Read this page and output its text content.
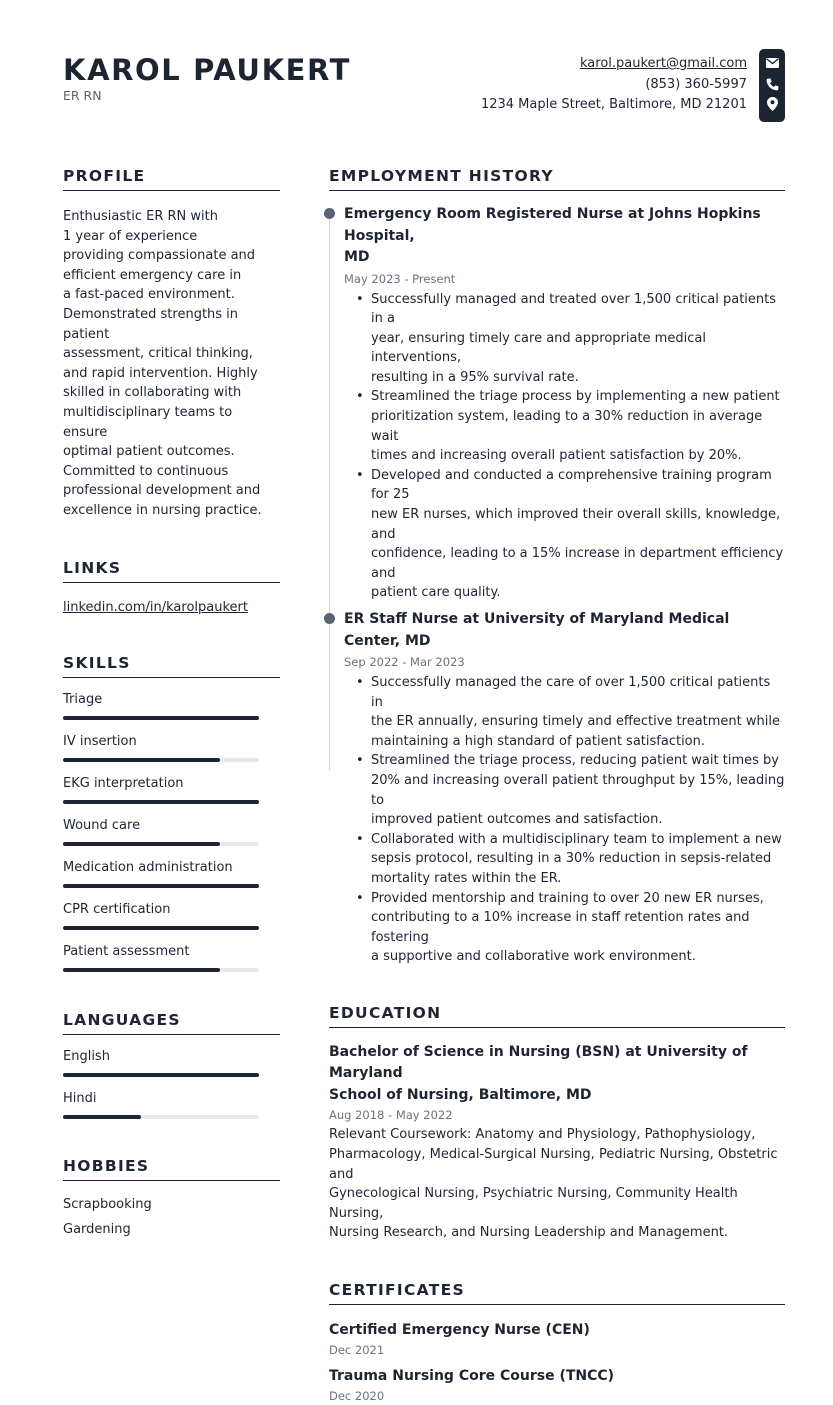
KAROL PAUKERT
ER RN
karol.paukert@gmail.com
(853) 360-5997
1234 Maple Street, Baltimore, MD 21201
PROFILE
Enthusiastic ER RN with
1 year of experience
providing compassionate and
efficient emergency care in
a fast-paced environment.
Demonstrated strengths in patient
assessment, critical thinking,
and rapid intervention. Highly
skilled in collaborating with
multidisciplinary teams to ensure
optimal patient outcomes.
Committed to continuous
professional development and
excellence in nursing practice.
LINKS
linkedin.com/in/karolpaukert
SKILLS
Triage
IV insertion
EKG interpretation
Wound care
Medication administration
CPR certification
Patient assessment
LANGUAGES
English
Hindi
HOBBIES
Scrapbooking
Gardening
EMPLOYMENT HISTORY
Emergency Room Registered Nurse at Johns Hopkins Hospital,
MD
May 2023 - Present
• Successfully managed and treated over 1,500 critical patients in a
year, ensuring timely care and appropriate medical interventions,
resulting in a 95% survival rate.
• Streamlined the triage process by implementing a new patient
prioritization system, leading to a 30% reduction in average wait
times and increasing overall patient satisfaction by 20%.
• Developed and conducted a comprehensive training program for 25
new ER nurses, which improved their overall skills, knowledge, and
confidence, leading to a 15% increase in department efficiency and
patient care quality.
ER Staff Nurse at University of Maryland Medical Center, MD
Sep 2022 - Mar 2023
• Successfully managed the care of over 1,500 critical patients in
the ER annually, ensuring timely and effective treatment while
maintaining a high standard of patient satisfaction.
• Streamlined the triage process, reducing patient wait times by
20% and increasing overall patient throughput by 15%, leading to
improved patient outcomes and satisfaction.
• Collaborated with a multidisciplinary team to implement a new
sepsis protocol, resulting in a 30% reduction in sepsis-related
mortality rates within the ER.
• Provided mentorship and training to over 20 new ER nurses,
contributing to a 10% increase in staff retention rates and fostering
a supportive and collaborative work environment.
EDUCATION
Bachelor of Science in Nursing (BSN) at University of Maryland
School of Nursing, Baltimore, MD
Aug 2018 - May 2022
Relevant Coursework: Anatomy and Physiology, Pathophysiology,
Pharmacology, Medical-Surgical Nursing, Pediatric Nursing, Obstetric and
Gynecological Nursing, Psychiatric Nursing, Community Health Nursing,
Nursing Research, and Nursing Leadership and Management.
CERTIFICATES
Certified Emergency Nurse (CEN)
Dec 2021
Trauma Nursing Core Course (TNCC)
Dec 2020
